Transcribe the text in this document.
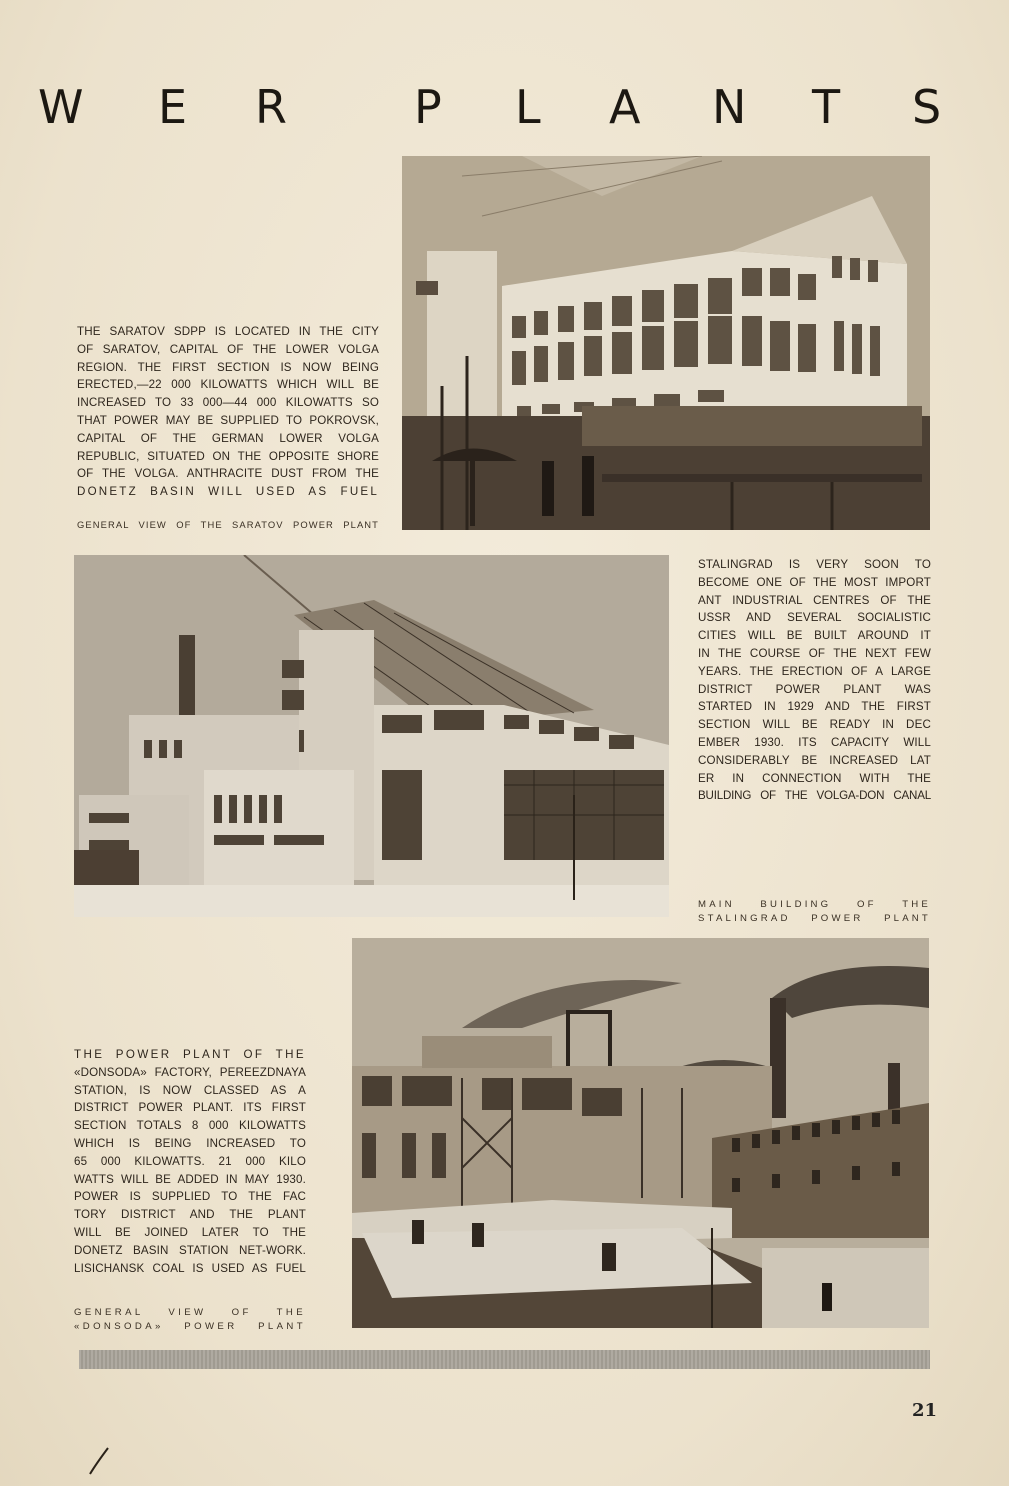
W E R	P L A N T S
THE SARATOV SDPP IS LOCATED IN THE CITY
OF SARATOV, CAPITAL OF THE LOWER VOLGA
REGION. THE FIRST SECTION IS NOW BEING
ERECTED,—22 000 KILOWATTS WHICH WILL BE
INCREASED TO 33 000—44 000 KILOWATTS SO
THAT POWER MAY BE SUPPLIED TO POKROVSK,
CAPITAL OF THE GERMAN LOWER VOLGA
REPUBLIC, SITUATED ON THE OPPOSITE SHORE
OF THE VOLGA. ANTHRACITE DUST FROM THE
DONETZ BASIN WILL USED AS FUEL
GENERAL VIEW OF THE SARATOV POWER PLANT
STALINGRAD IS VERY SOON TO
BECOME ONE OF THE MOST IMPORT
ANT INDUSTRIAL CENTRES OF THE
USSR AND SEVERAL SOCIALISTIC
CITIES WILL BE BUILT AROUND IT
IN THE COURSE OF THE NEXT FEW
YEARS. THE ERECTION OF A LARGE
DISTRICT POWER PLANT WAS
STARTED IN 1929 AND THE FIRST
SECTION WILL BE READY IN DEC
EMBER 1930. ITS CAPACITY WILL
CONSIDERABLY BE INCREASED LAT
ER IN CONNECTION WITH THE
BUILDING OF THE VOLGA-DON CANAL
MAIN BUILDING OF THE
STALINGRAD POWER PLANT
THE POWER PLANT OF THE
«DONSODA» FACTORY, PEREEZDNAYA
STATION, IS NOW CLASSED AS A
DISTRICT POWER PLANT. ITS FIRST
SECTION TOTALS 8 000 KILOWATTS
WHICH IS BEING INCREASED TO
65 000 KILOWATTS. 21 000 KILO
WATTS WILL BE ADDED IN MAY 1930.
POWER IS SUPPLIED TO THE FAC
TORY DISTRICT AND THE PLANT
WILL BE JOINED LATER TO THE
DONETZ BASIN STATION NET-WORK.
LISICHANSK COAL IS USED AS FUEL
GENERAL VIEW OF THE
«DONSODA» POWER PLANT
21
